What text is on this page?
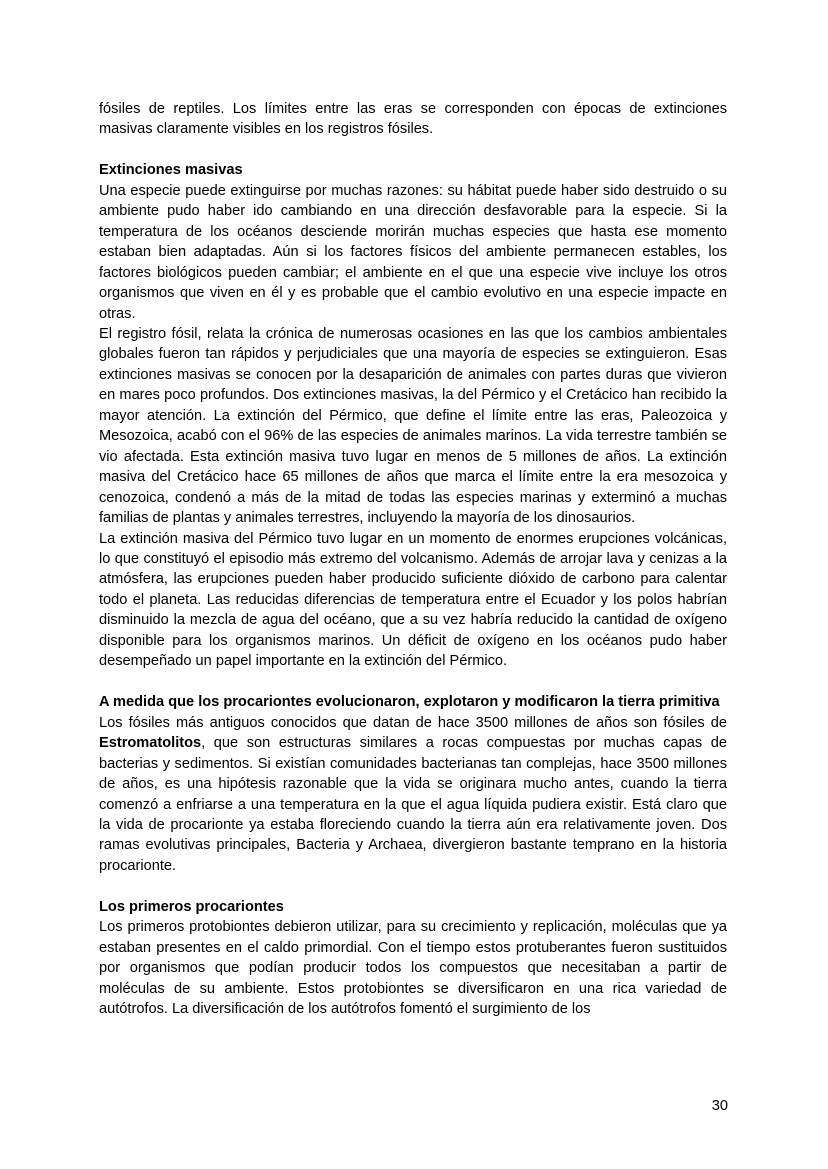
fósiles de reptiles. Los límites entre las eras se corresponden con épocas de extinciones masivas claramente visibles en los registros fósiles.

Extinciones masivas

Una especie puede extinguirse por muchas razones: su hábitat puede haber sido destruido o su ambiente pudo haber ido cambiando en una dirección desfavorable para la especie. Si la temperatura de los océanos desciende morirán muchas especies que hasta ese momento estaban bien adaptadas. Aún si los factores físicos del ambiente permanecen estables, los factores biológicos pueden cambiar; el ambiente en el que una especie vive incluye los otros organismos que viven en él y es probable que el cambio evolutivo en una especie impacte en otras.

El registro fósil, relata la crónica de numerosas ocasiones en las que los cambios ambientales globales fueron tan rápidos y perjudiciales que una mayoría de especies se extinguieron. Esas extinciones masivas se conocen por la desaparición de animales con partes duras que vivieron en mares poco profundos. Dos extinciones masivas, la del Pérmico y el Cretácico han recibido la mayor atención. La extinción del Pérmico, que define el límite entre las eras, Paleozoica y Mesozoica, acabó con el 96% de las especies de animales marinos. La vida terrestre también se vio afectada. Esta extinción masiva tuvo lugar en menos de 5 millones de años. La extinción masiva del Cretácico hace 65 millones de años que marca el límite entre la era mesozoica y cenozoica, condenó a más de la mitad de todas las especies marinas y exterminó a muchas familias de plantas y animales terrestres, incluyendo la mayoría de los dinosaurios.

La extinción masiva del Pérmico tuvo lugar en un momento de enormes erupciones volcánicas, lo que constituyó el episodio más extremo del volcanismo. Además de arrojar lava y cenizas a la atmósfera, las erupciones pueden haber producido suficiente dióxido de carbono para calentar todo el planeta. Las reducidas diferencias de temperatura entre el Ecuador y los polos habrían disminuido la mezcla de agua del océano, que a su vez habría reducido la cantidad de oxígeno disponible para los organismos marinos. Un déficit de oxígeno en los océanos pudo haber desempeñado un papel importante en la extinción del Pérmico.

A medida que los procariontes evolucionaron, explotaron y modificaron la tierra primitiva

Los fósiles más antiguos conocidos que datan de hace 3500 millones de años son fósiles de Estromatolitos, que son estructuras similares a rocas compuestas por muchas capas de bacterias y sedimentos. Si existían comunidades bacterianas tan complejas, hace 3500 millones de años, es una hipótesis razonable que la vida se originara mucho antes, cuando la tierra comenzó a enfriarse a una temperatura en la que el agua líquida pudiera existir. Está claro que la vida de procarionte ya estaba floreciendo cuando la tierra aún era relativamente joven. Dos ramas evolutivas principales, Bacteria y Archaea, divergieron bastante temprano en la historia procarionte.

Los primeros procariontes

Los primeros protobiontes debieron utilizar, para su crecimiento y replicación, moléculas que ya estaban presentes en el caldo primordial. Con el tiempo estos protuberantes fueron sustituidos por organismos que podían producir todos los compuestos que necesitaban a partir de moléculas de su ambiente. Estos protobiontes se diversificaron en una rica variedad de autótrofos. La diversificación de los autótrofos fomentó el surgimiento de los

30
